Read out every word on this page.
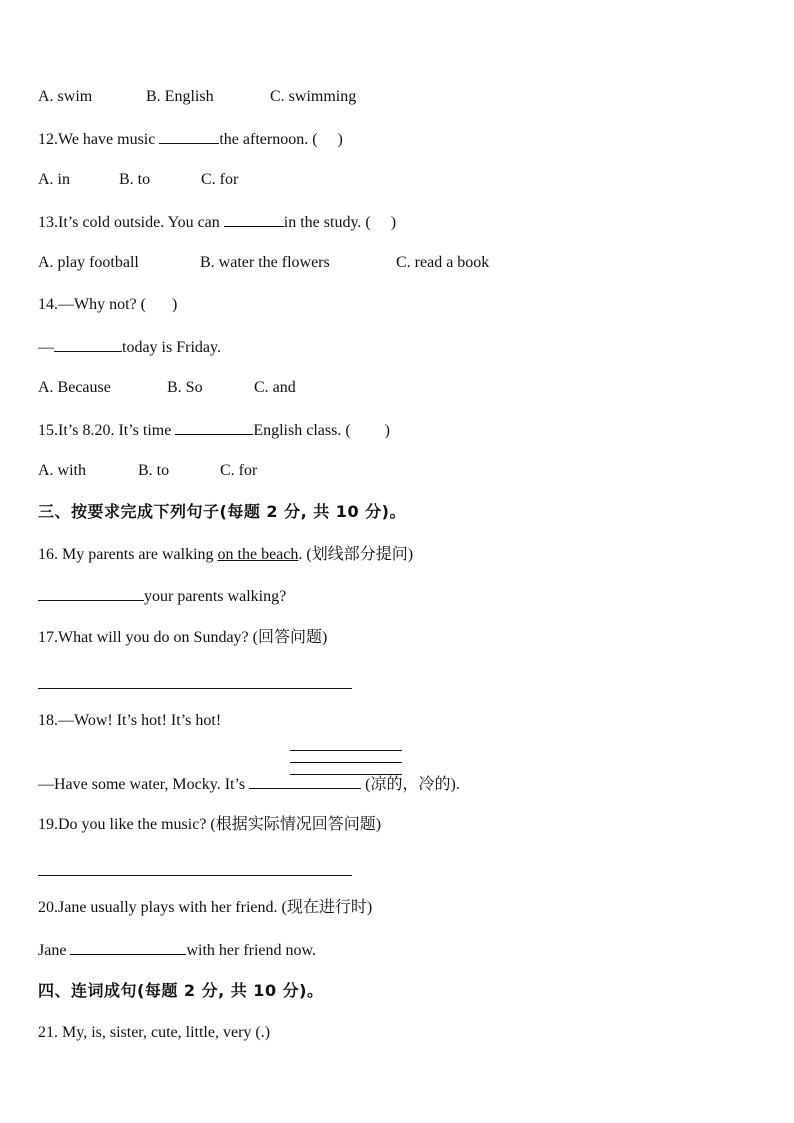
A. swim	B. English	C. swimming
12.We have music	the afternoon. ( )
A. in	B. to	C. for
13.It’s cold outside. You can	in the study. ( )
A. play football	B. water the flowers	C. read a book
14.—Why not? ( )
—	today is Friday.
A. Because	B. So	C. and
15.It’s 8.20. It’s time	English class. ( )
A. with	B. to	C. for
三、按要求完成下列句子(每题 2 分, 共 10 分)。
16. My parents are walking on the beach. (划线部分提问)
your parents walking?
17.What will you do on Sunday? (回答问题)
18.—Wow! It’s hot! It’s hot!
—Have some water, Mocky. It’s	(凉的，冷的).
19.Do you like the music? (根据实际情况回答问题)
20.Jane usually plays with her friend. (现在进行时)
Jane	with her friend now.
四、连词成句(每题 2 分, 共 10 分)。
21. My, is, sister, cute, little, very (.)
